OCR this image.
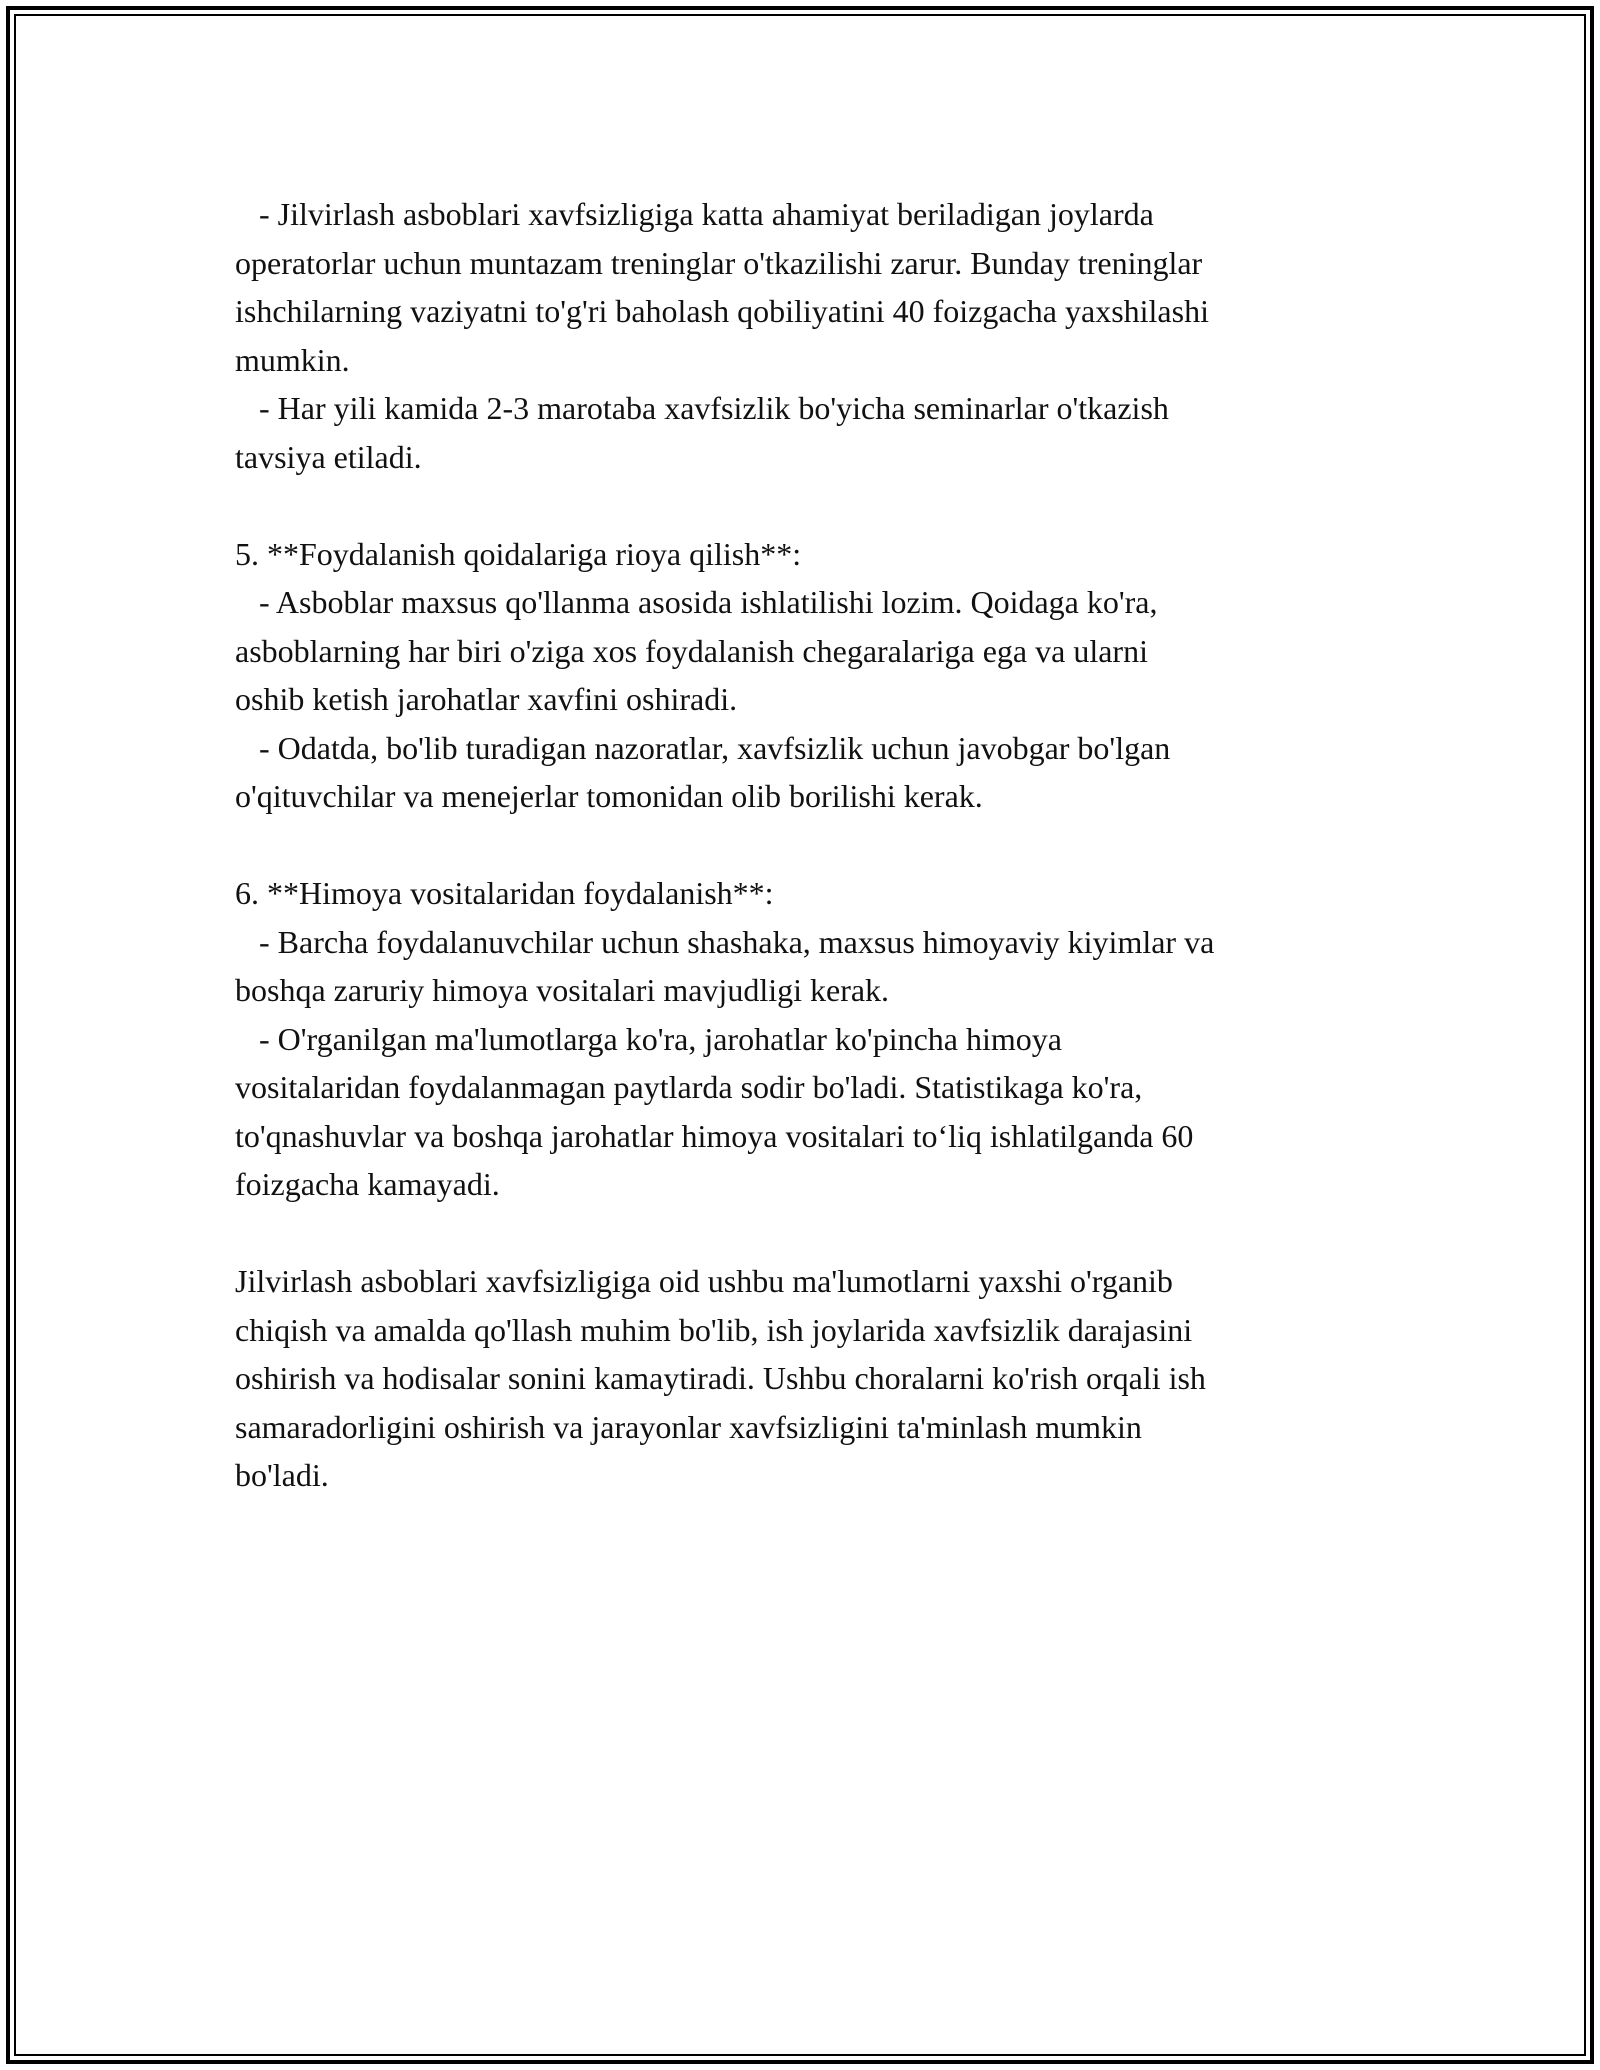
- Jilvirlash asboblari xavfsizligiga katta ahamiyat beriladigan joylarda
operatorlar uchun muntazam treninglar o'tkazilishi zarur. Bunday treninglar
ishchilarning vaziyatni to'g'ri baholash qobiliyatini 40 foizgacha yaxshilashi
mumkin.
- Har yili kamida 2-3 marotaba xavfsizlik bo'yicha seminarlar o'tkazish
tavsiya etiladi.
5. **Foydalanish qoidalariga rioya qilish**:
- Asboblar maxsus qo'llanma asosida ishlatilishi lozim. Qoidaga ko'ra,
asboblarning har biri o'ziga xos foydalanish chegaralariga ega va ularni
oshib ketish jarohatlar xavfini oshiradi.
- Odatda, bo'lib turadigan nazoratlar, xavfsizlik uchun javobgar bo'lgan
o'qituvchilar va menejerlar tomonidan olib borilishi kerak.
6. **Himoya vositalaridan foydalanish**:
- Barcha foydalanuvchilar uchun shashaka, maxsus himoyaviy kiyimlar va
boshqa zaruriy himoya vositalari mavjudligi kerak.
- O'rganilgan ma'lumotlarga ko'ra, jarohatlar ko'pincha himoya
vositalaridan foydalanmagan paytlarda sodir bo'ladi. Statistikaga ko'ra,
to'qnashuvlar va boshqa jarohatlar himoya vositalari to‘liq ishlatilganda 60
foizgacha kamayadi.
Jilvirlash asboblari xavfsizligiga oid ushbu ma'lumotlarni yaxshi o'rganib
chiqish va amalda qo'llash muhim bo'lib, ish joylarida xavfsizlik darajasini
oshirish va hodisalar sonini kamaytiradi. Ushbu choralarni ko'rish orqali ish
samaradorligini oshirish va jarayonlar xavfsizligini ta'minlash mumkin
bo'ladi.
